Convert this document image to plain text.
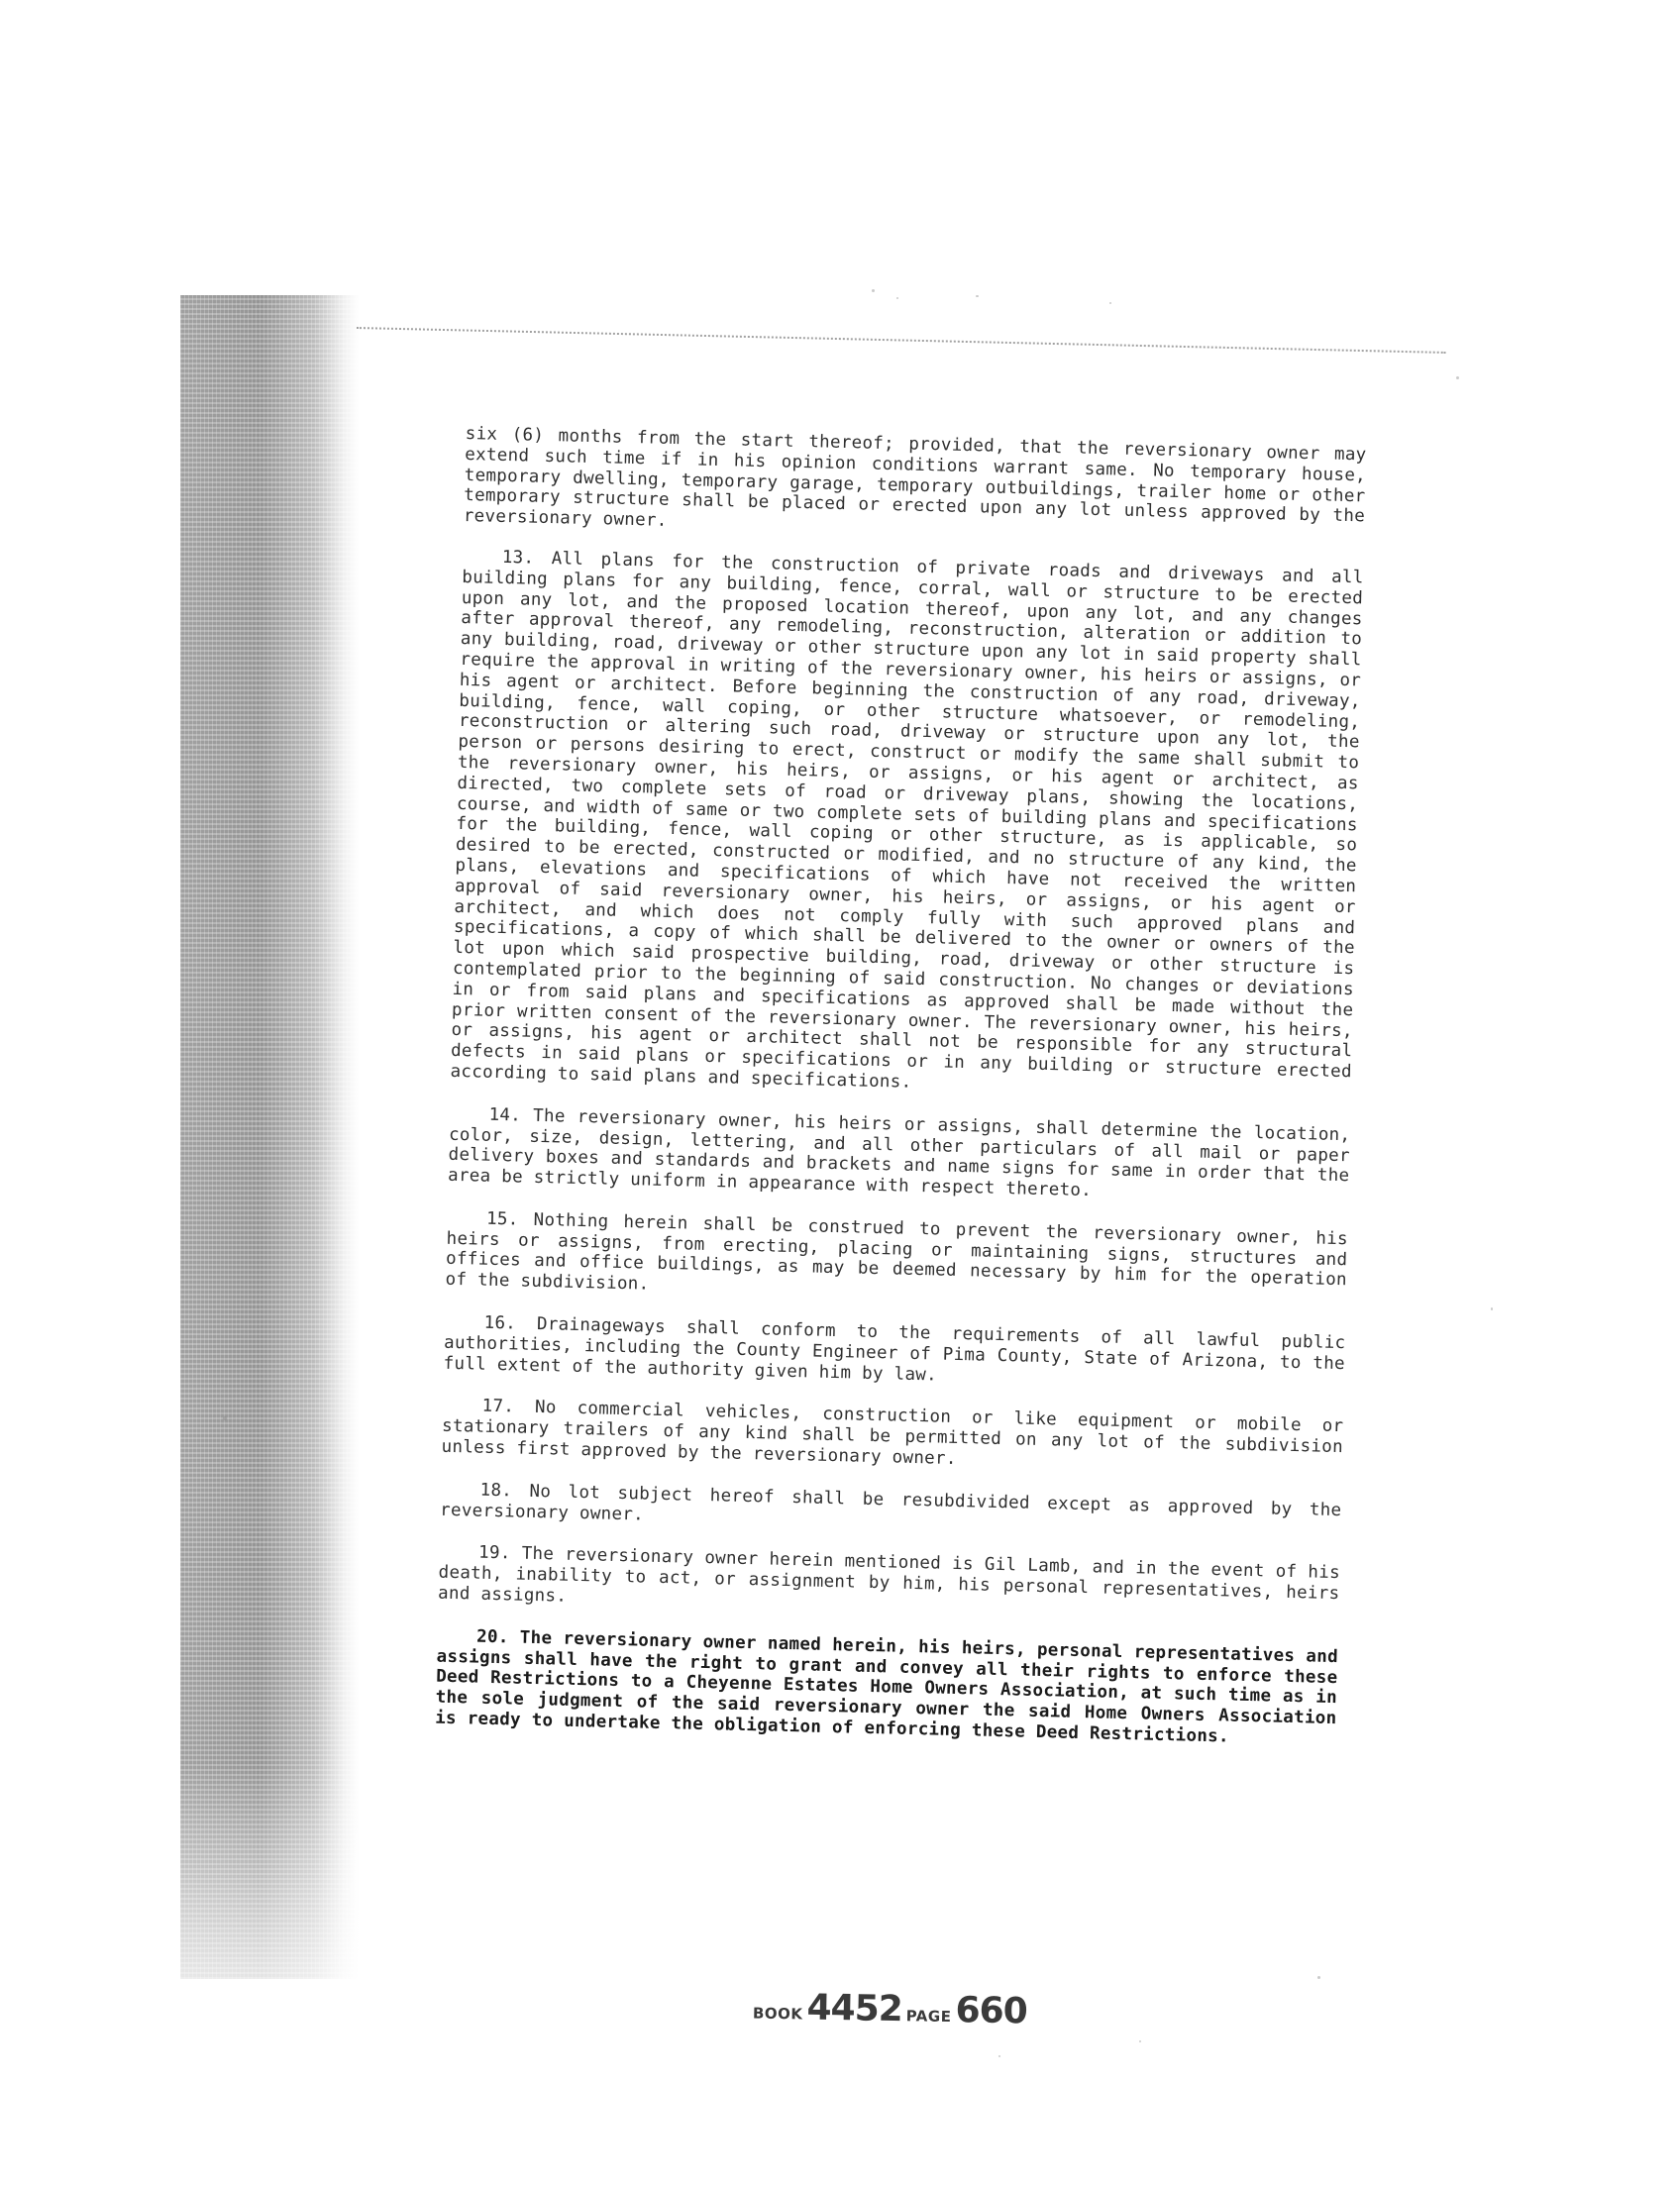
six (6) months from the start thereof; provided, that the reversionary owner may extend such time if in his opinion conditions warrant same. No temporary house, temporary dwelling, temporary garage, temporary outbuildings, trailer home or other temporary structure shall be placed or erected upon any lot unless approved by the reversionary owner.

13. All plans for the construction of private roads and driveways and all building plans for any building, fence, corral, wall or structure to be erected upon any lot, and the proposed location thereof, upon any lot, and any changes after approval thereof, any remodeling, reconstruction, alteration or addition to any building, road, driveway or other structure upon any lot in said property shall require the approval in writing of the reversionary owner, his heirs or assigns, or his agent or architect. Before beginning the construction of any road, driveway, building, fence, wall coping, or other structure whatsoever, or remodeling, reconstruction or altering such road, driveway or structure upon any lot, the person or persons desiring to erect, construct or modify the same shall submit to the reversionary owner, his heirs, or assigns, or his agent or architect, as directed, two complete sets of road or driveway plans, showing the locations, course, and width of same or two complete sets of building plans and specifications for the building, fence, wall coping or other structure, as is applicable, so desired to be erected, constructed or modified, and no structure of any kind, the plans, elevations and specifications of which have not received the written approval of said reversionary owner, his heirs, or assigns, or his agent or architect, and which does not comply fully with such approved plans and specifications, a copy of which shall be delivered to the owner or owners of the lot upon which said prospective building, road, driveway or other structure is contemplated prior to the beginning of said construction. No changes or deviations in or from said plans and specifications as approved shall be made without the prior written consent of the reversionary owner. The reversionary owner, his heirs, or assigns, his agent or architect shall not be responsible for any structural defects in said plans or specifications or in any building or structure erected according to said plans and specifications.

14. The reversionary owner, his heirs or assigns, shall determine the location, color, size, design, lettering, and all other particulars of all mail or paper delivery boxes and standards and brackets and name signs for same in order that the area be strictly uniform in appearance with respect thereto.

15. Nothing herein shall be construed to prevent the reversionary owner, his heirs or assigns, from erecting, placing or maintaining signs, structures and offices and office buildings, as may be deemed necessary by him for the operation of the subdivision.

16. Drainageways shall conform to the requirements of all lawful public authorities, including the County Engineer of Pima County, State of Arizona, to the full extent of the authority given him by law.

17. No commercial vehicles, construction or like equipment or mobile or stationary trailers of any kind shall be permitted on any lot of the subdivision unless first approved by the reversionary owner.

18. No lot subject hereof shall be resubdivided except as approved by the reversionary owner.

19. The reversionary owner herein mentioned is Gil Lamb, and in the event of his death, inability to act, or assignment by him, his personal representatives, heirs and assigns.

20. The reversionary owner named herein, his heirs, personal representatives and assigns shall have the right to grant and convey all their rights to enforce these Deed Restrictions to a Cheyenne Estates Home Owners Association, at such time as in the sole judgment of the said reversionary owner the said Home Owners Association is ready to undertake the obligation of enforcing these Deed Restrictions.

BOOK4452 PAGE660
